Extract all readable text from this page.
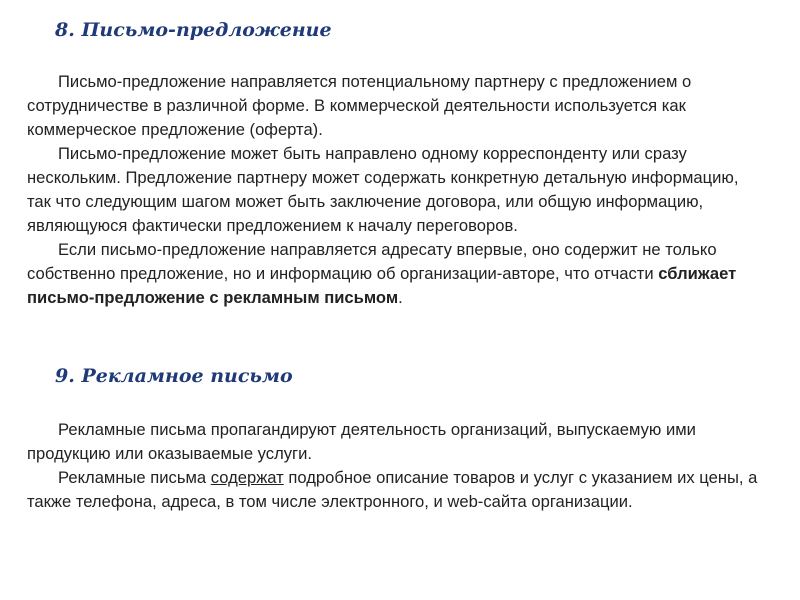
8. Письмо-предложение

Письмо-предложение направляется потенциальному партнеру с предложением о сотрудничестве в различной форме. В коммерческой деятельности используется как коммерческое предложение (оферта).

Письмо-предложение может быть направлено одному корреспонденту или сразу нескольким. Предложение партнеру может содержать конкретную детальную информацию, так что следующим шагом может быть заключение договора, или общую информацию, являющуюся фактически предложением к началу переговоров.

Если письмо-предложение направляется адресату впервые, оно содержит не только собственно предложение, но и информацию об организации-авторе, что отчасти сближает письмо-предложение с рекламным письмом.

9. Рекламное письмо

Рекламные письма пропагандируют деятельность организаций, выпускаемую ими продукцию или оказываемые услуги.

Рекламные письма содержат подробное описание товаров и услуг с указанием их цены, а также телефона, адреса, в том числе электронного, и web-сайта организации.
